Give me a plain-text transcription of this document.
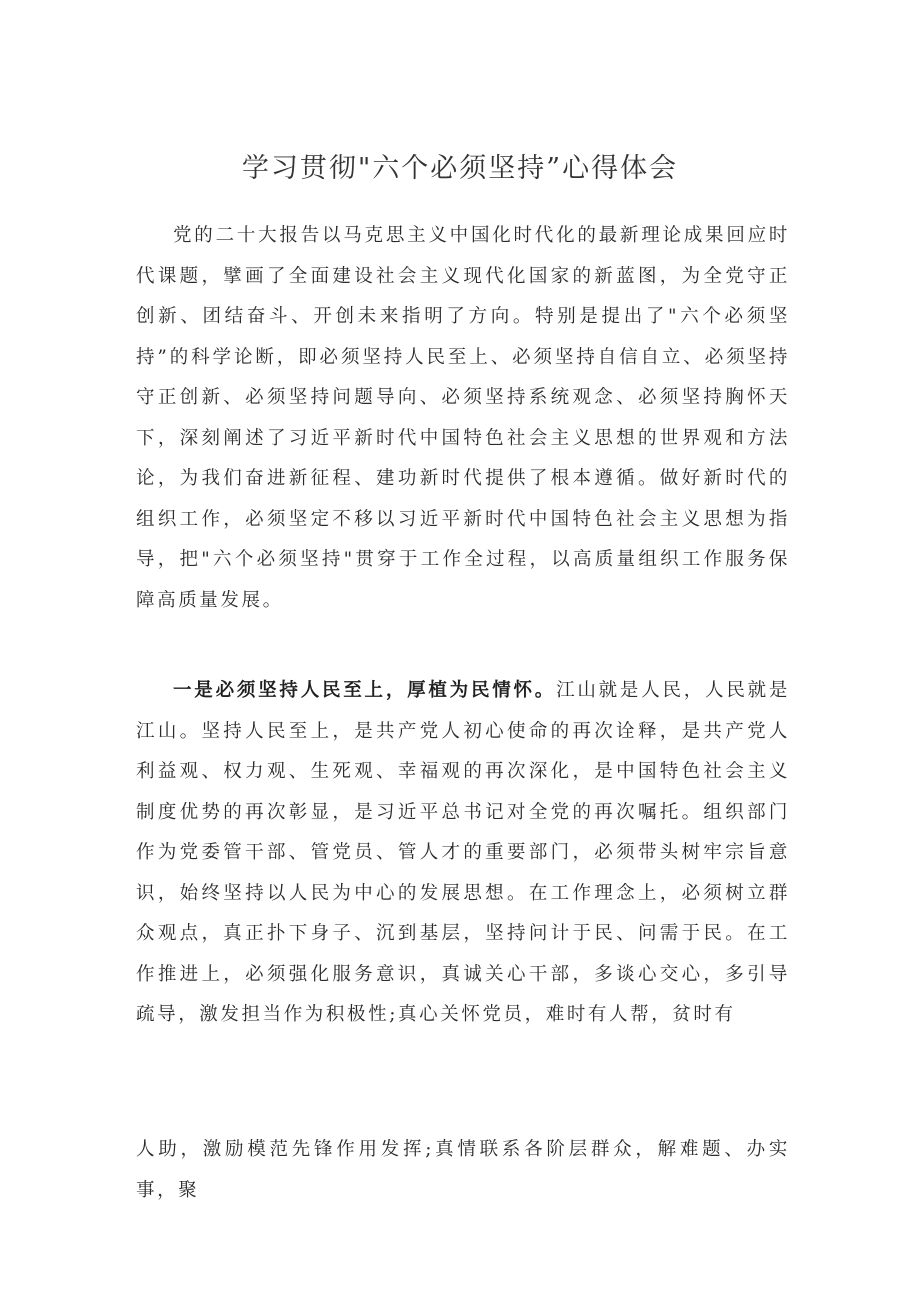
学习贯彻"六个必须坚持”心得体会

党的二十大报告以马克思主义中国化时代化的最新理论成果回应时代课题，擘画了全面建设社会主义现代化国家的新蓝图，为全党守正创新、团结奋斗、开创未来指明了方向。特别是提出了"六个必须坚持”的科学论断，即必须坚持人民至上、必须坚持自信自立、必须坚持守正创新、必须坚持问题导向、必须坚持系统观念、必须坚持胸怀天下，深刻阐述了习近平新时代中国特色社会主义思想的世界观和方法论，为我们奋进新征程、建功新时代提供了根本遵循。做好新时代的组织工作，必须坚定不移以习近平新时代中国特色社会主义思想为指导，把"六个必须坚持"贯穿于工作全过程，以高质量组织工作服务保障高质量发展。

一是必须坚持人民至上，厚植为民情怀。江山就是人民，人民就是江山。坚持人民至上，是共产党人初心使命的再次诠释，是共产党人利益观、权力观、生死观、幸福观的再次深化，是中国特色社会主义制度优势的再次彰显，是习近平总书记对全党的再次嘱托。组织部门作为党委管干部、管党员、管人才的重要部门，必须带头树牢宗旨意识，始终坚持以人民为中心的发展思想。在工作理念上，必须树立群众观点，真正扑下身子、沉到基层，坚持问计于民、问需于民。在工作推进上，必须强化服务意识，真诚关心干部，多谈心交心，多引导疏导，激发担当作为积极性;真心关怀党员，难时有人帮，贫时有

人助，激励模范先锋作用发挥;真情联系各阶层群众，解难题、办实事，聚
